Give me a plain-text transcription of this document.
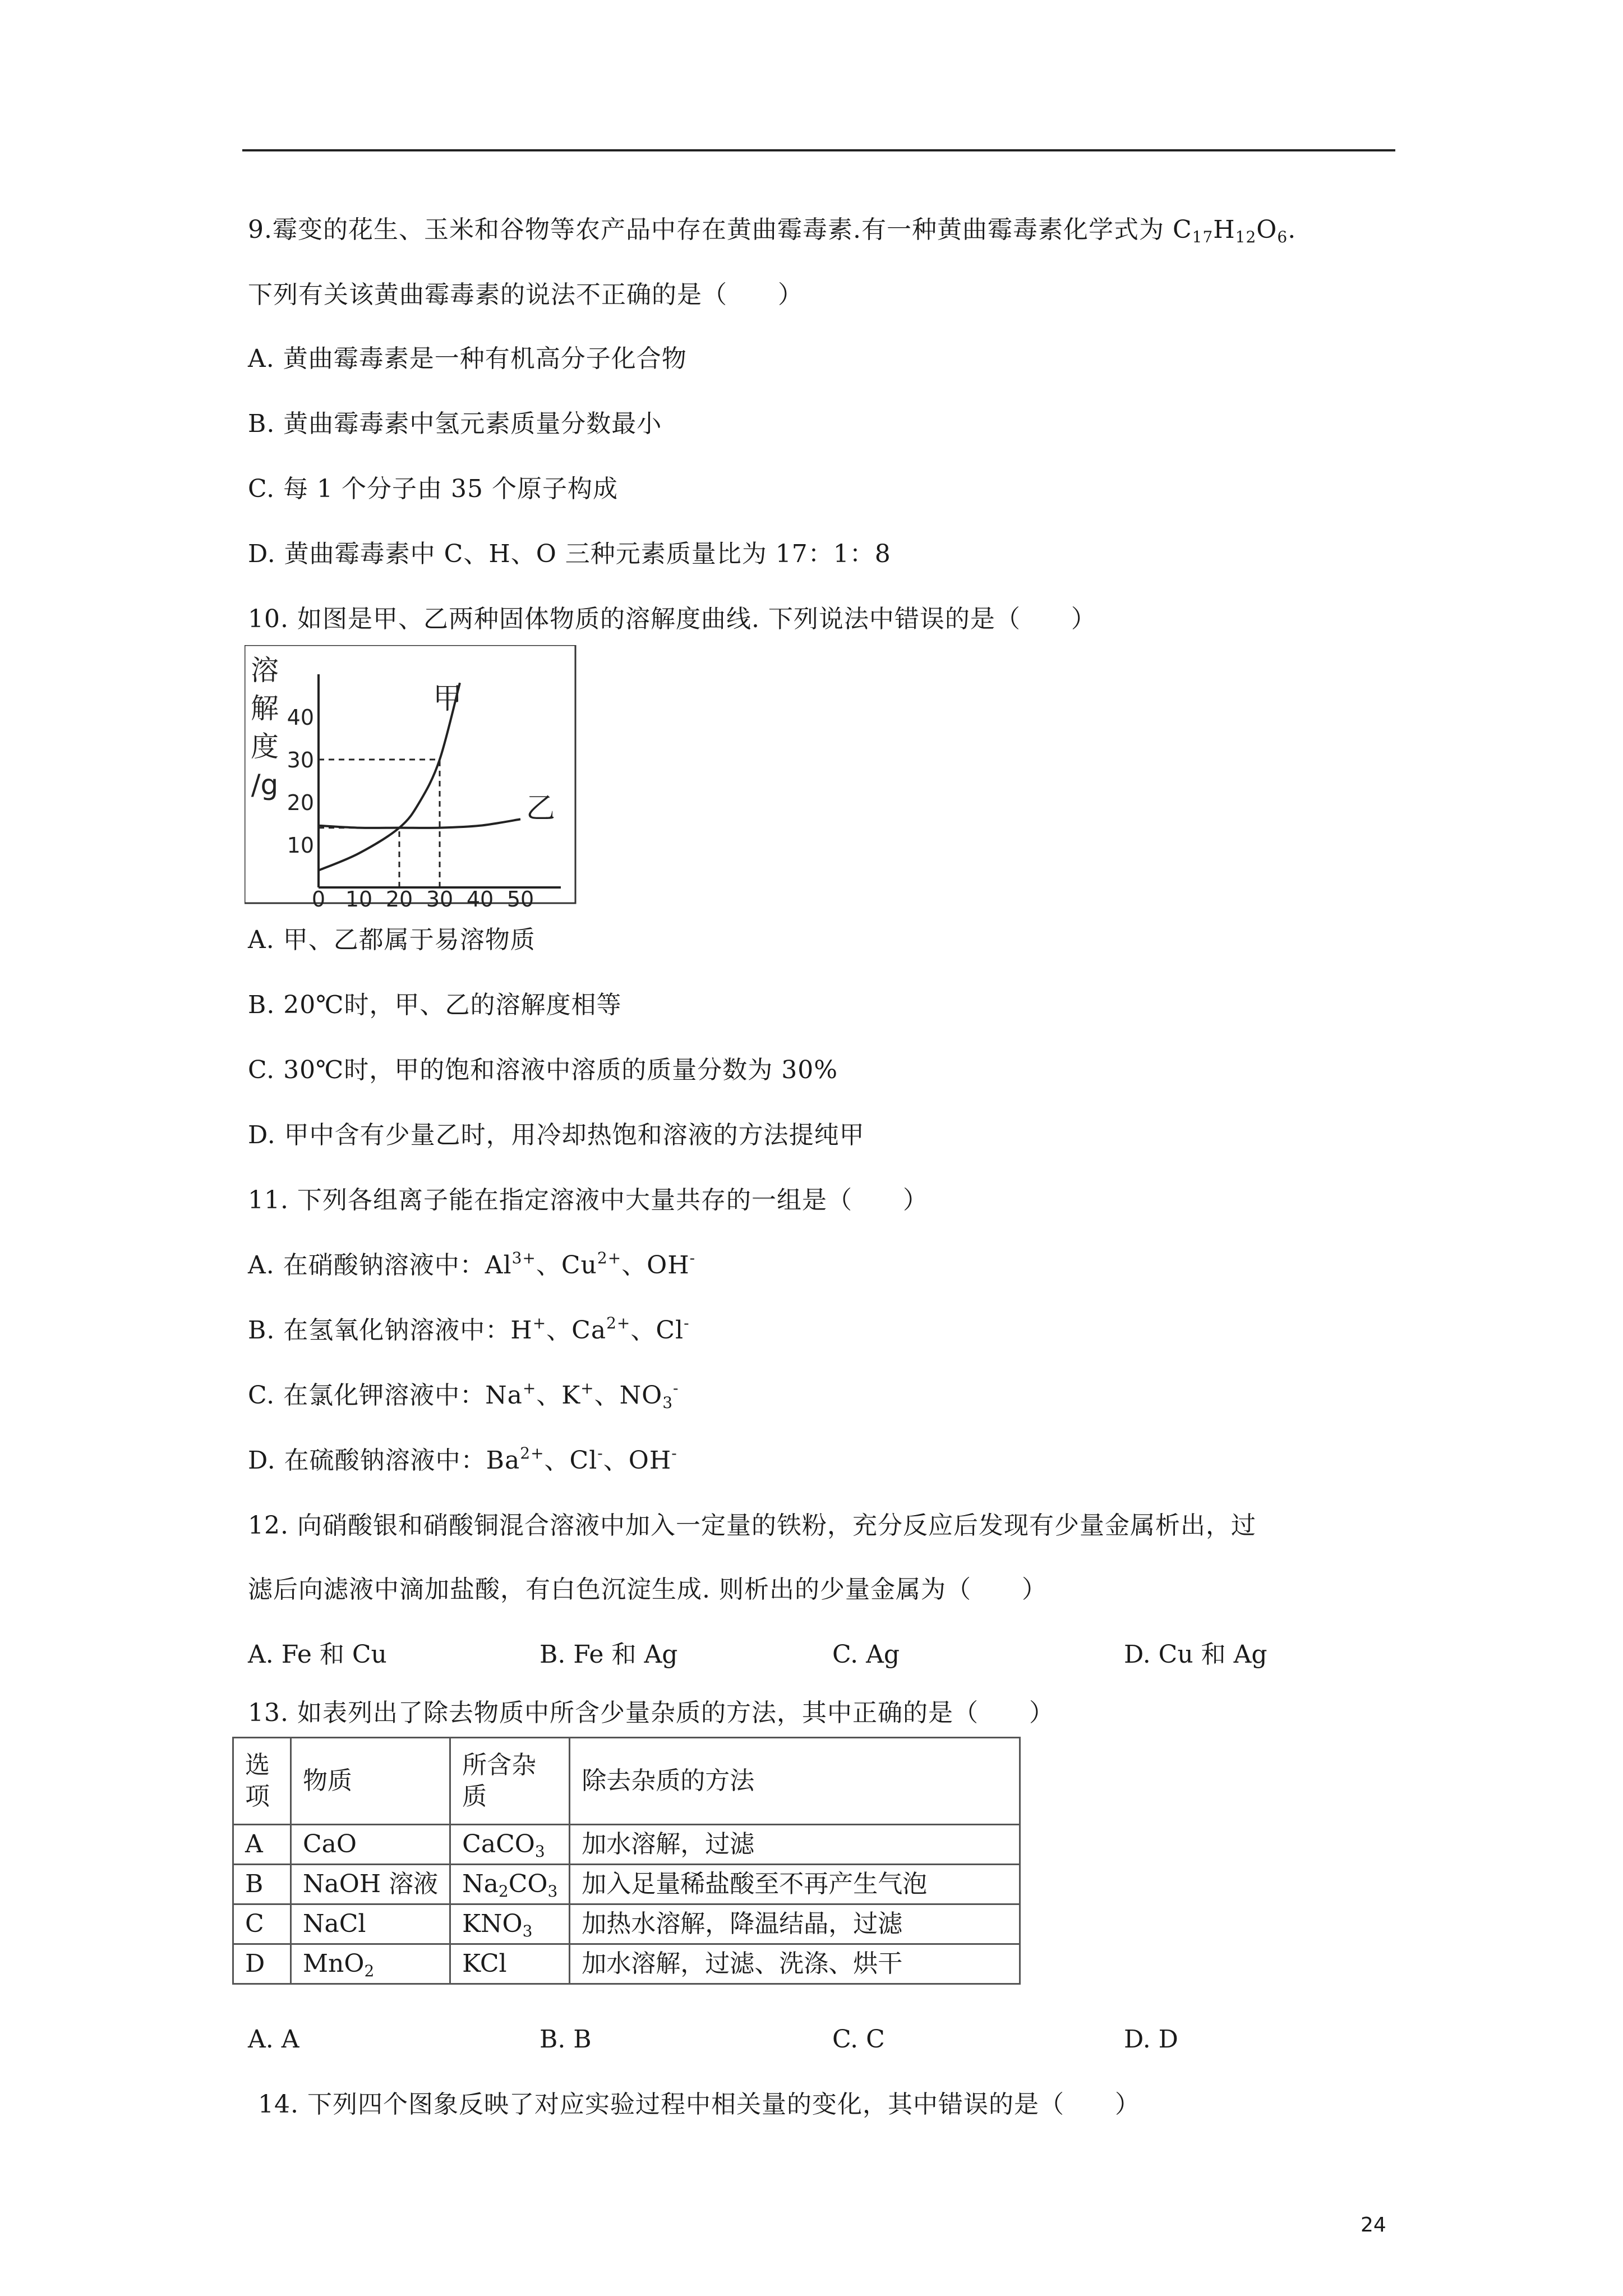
9.霉变的花生、玉米和谷物等农产品中存在黄曲霉毒素.有一种黄曲霉毒素化学式为 $C_{17}H_{12}O_6$.
下列有关该黄曲霉毒素的说法不正确的是（　　）
A. 黄曲霉毒素是一种有机高分子化合物
B. 黄曲霉毒素中氢元素质量分数最小
C. 每 1 个分子由 35 个原子构成
D. 黄曲霉毒素中 C、H、O 三种元素质量比为 17：1：8
10. 如图是甲、乙两种固体物质的溶解度曲线. 下列说法中错误的是（　　）
溶
解
度
/g
10
20
30
40
0 10 20 30 40 50
甲
乙
A. 甲、乙都属于易溶物质
B. 20℃时，甲、乙的溶解度相等
C. 30℃时，甲的饱和溶液中溶质的质量分数为 30%
D. 甲中含有少量乙时，用冷却热饱和溶液的方法提纯甲
11. 下列各组离子能在指定溶液中大量共存的一组是（　　）
A. 在硝酸钠溶液中：$Al^{3+}$、$Cu^{2+}$、OH-
B. 在氢氧化钠溶液中：H+、$Ca^{2+}$、Cl-
C. 在氯化钾溶液中：Na+、K+、$NO_3^-$
D. 在硫酸钠溶液中：$Ba^{2+}$、Cl-、OH-
12. 向硝酸银和硝酸铜混合溶液中加入一定量的铁粉，充分反应后发现有少量金属析出，过
滤后向滤液中滴加盐酸，有白色沉淀生成. 则析出的少量金属为（　　）
A. Fe 和 Cu	B. Fe 和 Ag	C. Ag	D. Cu 和 Ag
13. 如表列出了除去物质中所含少量杂质的方法，其中正确的是（　　）
选项	物质	所含杂质	除去杂质的方法
A	CaO	CaCO$_3$	加水溶解，过滤
B	NaOH 溶液	$Na_2CO_3$	加入足量稀盐酸至不再产生气泡
C	NaCl	$KNO_3$	加热水溶解，降温结晶，过滤
D	MnO$_2$	KCl	加水溶解，过滤、洗涤、烘干
A. A	B. B	C. C	D. D
14. 下列四个图象反映了对应实验过程中相关量的变化，其中错误的是（　　）
24
